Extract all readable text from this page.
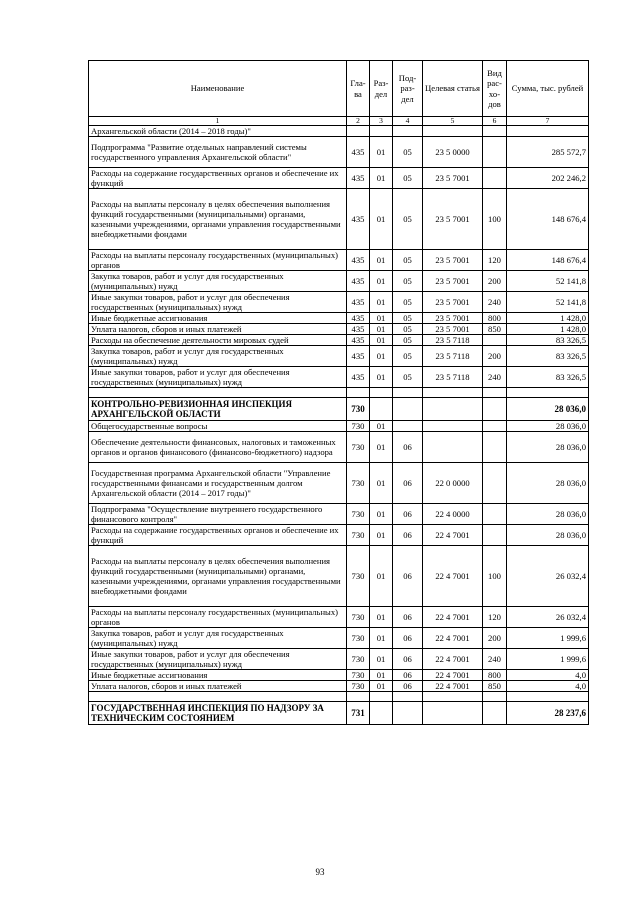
Наименование	Гла- ва	Раз- дел	Под- раз- дел	Целевая статья	Вид рас- хо- дов	Сумма, тыс. рублей
1	2	3	4	5	6	7
Архангельской области (2014 – 2018 годы)"						
Подпрограмма "Развитие отдельных направлений системы государственного управления Архангельской области"	435	01	05	23 5 0000		285 572,7
Расходы на содержание государственных органов и обеспечение их функций	435	01	05	23 5 7001		202 246,2
Расходы на выплаты персоналу в целях обеспечения выполнения функций государственными (муниципальными) органами, казенными учреждениями, органами управления государственными внебюджетными фондами	435	01	05	23 5 7001	100	148 676,4
Расходы на выплаты персоналу государственных (муниципальных) органов	435	01	05	23 5 7001	120	148 676,4
Закупка товаров, работ и услуг для государственных (муниципальных) нужд	435	01	05	23 5 7001	200	52 141,8
Иные закупки товаров, работ и услуг для обеспечения государственных (муниципальных) нужд	435	01	05	23 5 7001	240	52 141,8
Иные бюджетные ассигнования	435	01	05	23 5 7001	800	1 428,0
Уплата налогов, сборов и иных платежей	435	01	05	23 5 7001	850	1 428,0
Расходы на обеспечение деятельности мировых судей	435	01	05	23 5 7118		83 326,5
Закупка товаров, работ и услуг для государственных (муниципальных) нужд	435	01	05	23 5 7118	200	83 326,5
Иные закупки товаров, работ и услуг для обеспечения государственных (муниципальных) нужд	435	01	05	23 5 7118	240	83 326,5

КОНТРОЛЬНО-РЕВИЗИОННАЯ ИНСПЕКЦИЯ АРХАНГЕЛЬСКОЙ ОБЛАСТИ	730					28 036,0
Общегосударственные вопросы	730	01				28 036,0
Обеспечение деятельности финансовых, налоговых и таможенных органов и органов финансового (финансово-бюджетного) надзора	730	01	06			28 036,0
Государственная программа Архангельской области "Управление государственными финансами и государственным долгом Архангельской области (2014 – 2017 годы)"	730	01	06	22 0 0000		28 036,0
Подпрограмма "Осуществление внутреннего государственного финансового контроля"	730	01	06	22 4 0000		28 036,0
Расходы на содержание государственных органов и обеспечение их функций	730	01	06	22 4 7001		28 036,0
Расходы на выплаты персоналу в целях обеспечения выполнения функций государственными (муниципальными) органами, казенными учреждениями, органами управления государственными внебюджетными фондами	730	01	06	22 4 7001	100	26 032,4
Расходы на выплаты персоналу государственных (муниципальных) органов	730	01	06	22 4 7001	120	26 032,4
Закупка товаров, работ и услуг для государственных (муниципальных) нужд	730	01	06	22 4 7001	200	1 999,6
Иные закупки товаров, работ и услуг для обеспечения государственных (муниципальных) нужд	730	01	06	22 4 7001	240	1 999,6
Иные бюджетные ассигнования	730	01	06	22 4 7001	800	4,0
Уплата налогов, сборов и иных платежей	730	01	06	22 4 7001	850	4,0

ГОСУДАРСТВЕННАЯ ИНСПЕКЦИЯ ПО НАДЗОРУ ЗА ТЕХНИЧЕСКИМ СОСТОЯНИЕМ	731					28 237,6
93
